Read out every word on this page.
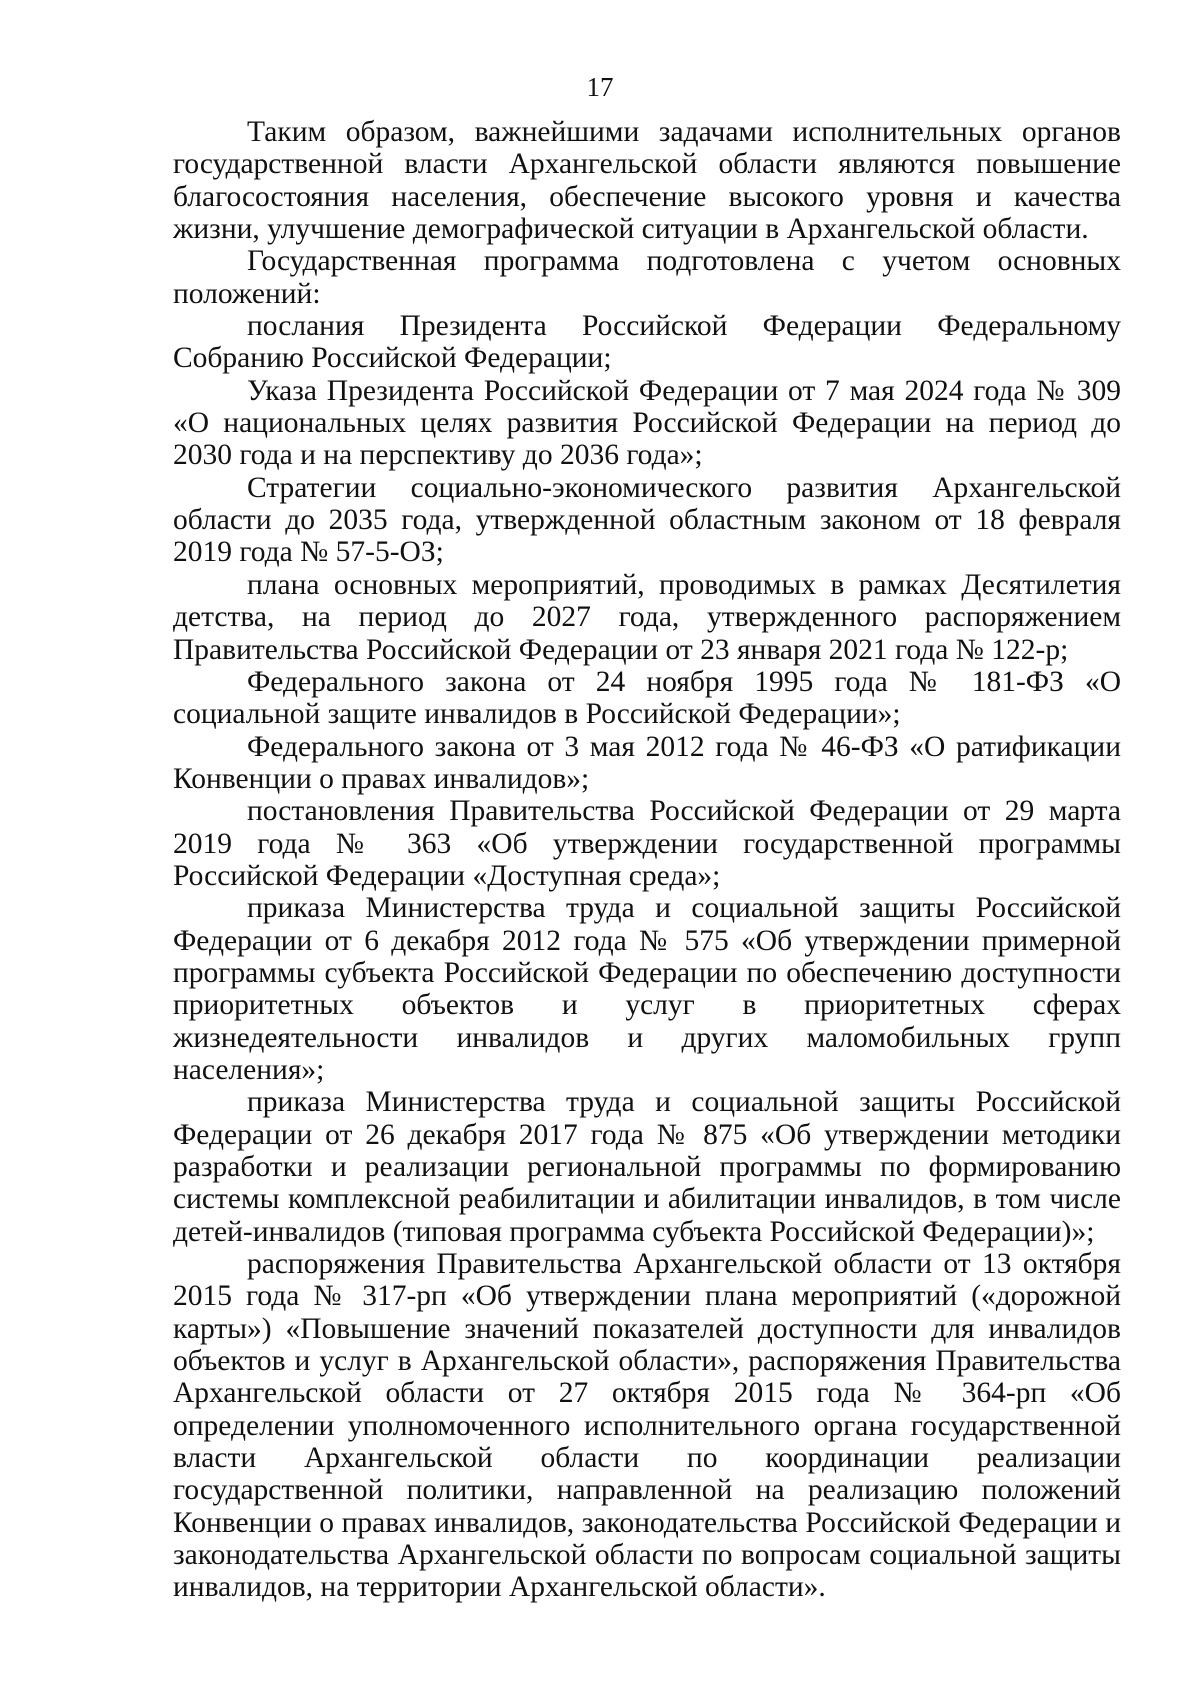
17

Таким образом, важнейшими задачами исполнительных органов государственной власти Архангельской области являются повышение благосостояния населения, обеспечение высокого уровня и качества жизни, улучшение демографической ситуации в Архангельской области.

Государственная программа подготовлена с учетом основных положений:

послания Президента Российской Федерации Федеральному Собранию Российской Федерации;

Указа Президента Российской Федерации от 7 мая 2024 года № 309 «О национальных целях развития Российской Федерации на период до 2030 года и на перспективу до 2036 года»;

Стратегии социально-экономического развития Архангельской области до 2035 года, утвержденной областным законом от 18 февраля 2019 года № 57-5-ОЗ;

плана основных мероприятий, проводимых в рамках Десятилетия детства, на период до 2027 года, утвержденного распоряжением Правительства Российской Федерации от 23 января 2021 года № 122-р;

Федерального закона от 24 ноября 1995 года № 181-ФЗ «О социальной защите инвалидов в Российской Федерации»;

Федерального закона от 3 мая 2012 года № 46-ФЗ «О ратификации Конвенции о правах инвалидов»;

постановления Правительства Российской Федерации от 29 марта 2019 года № 363 «Об утверждении государственной программы Российской Федерации «Доступная среда»;

приказа Министерства труда и социальной защиты Российской Федерации от 6 декабря 2012 года № 575 «Об утверждении примерной программы субъекта Российской Федерации по обеспечению доступности приоритетных объектов и услуг в приоритетных сферах жизнедеятельности инвалидов и других маломобильных групп населения»;

приказа Министерства труда и социальной защиты Российской Федерации от 26 декабря 2017 года № 875 «Об утверждении методики разработки и реализации региональной программы по формированию системы комплексной реабилитации и абилитации инвалидов, в том числе детей-инвалидов (типовая программа субъекта Российской Федерации)»;

распоряжения Правительства Архангельской области от 13 октября 2015 года № 317-рп «Об утверждении плана мероприятий («дорожной карты») «Повышение значений показателей доступности для инвалидов объектов и услуг в Архангельской области», распоряжения Правительства Архангельской области от 27 октября 2015 года № 364-рп «Об определении уполномоченного исполнительного органа государственной власти Архангельской области по координации реализации государственной политики, направленной на реализацию положений Конвенции о правах инвалидов, законодательства Российской Федерации и законодательства Архангельской области по вопросам социальной защиты инвалидов, на территории Архангельской области».
